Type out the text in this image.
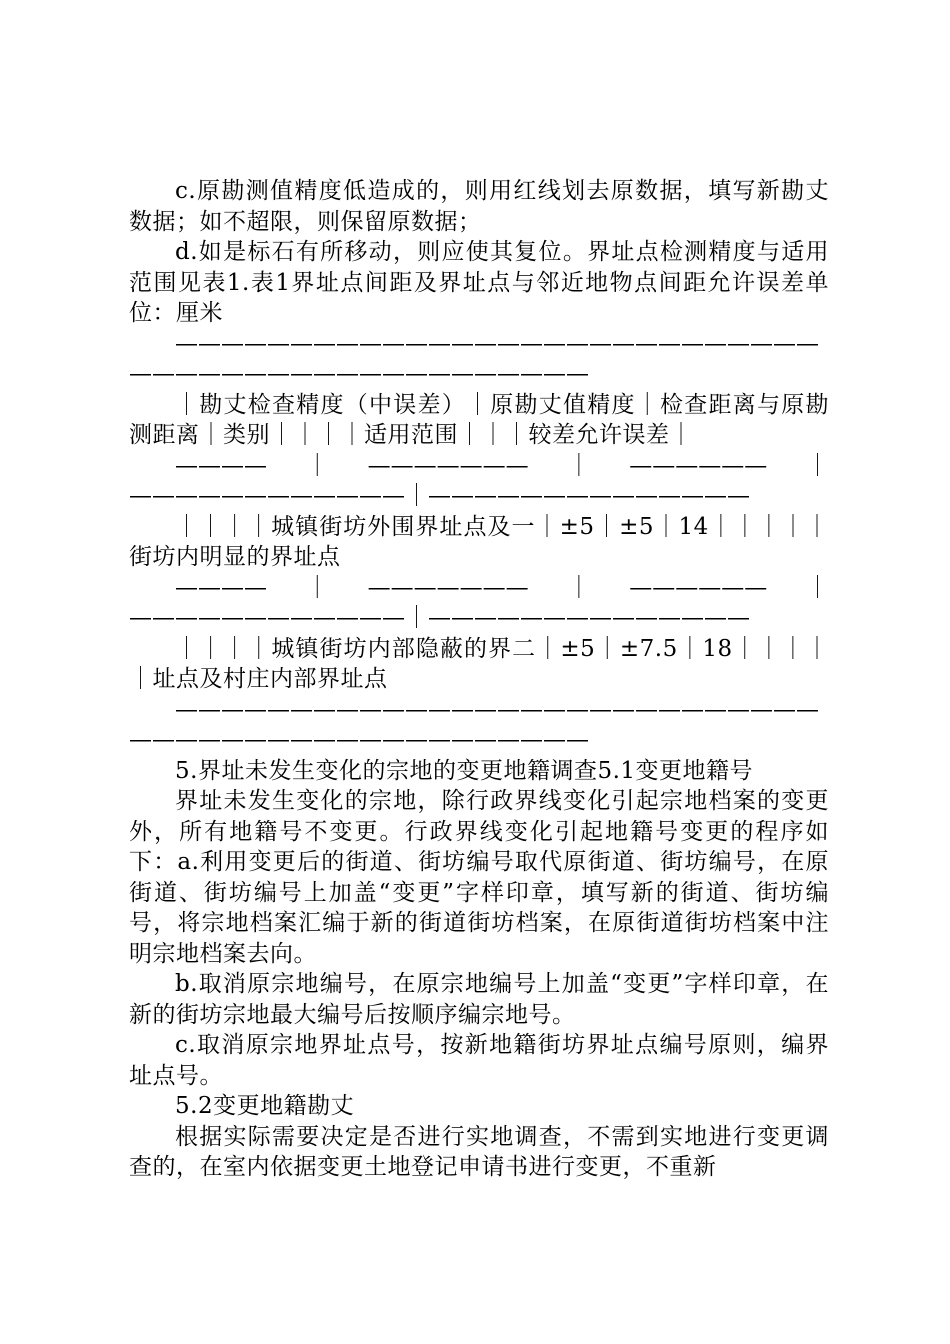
c.原勘测值精度低造成的，则用红线划去原数据，填写新勘丈数据；如不超限，则保留原数据；

d.如是标石有所移动，则应使其复位。界址点检测精度与适用范围见表1.表1界址点间距及界址点与邻近地物点间距允许误差单位：厘米

————————————————————————————————————————————————

｜勘丈检查精度（中误差）｜原勘丈值精度｜检查距离与原勘测距离｜类别｜｜｜｜适用范围｜｜｜较差允许误差｜

————｜———————｜——————｜————————————｜——————————————

｜｜｜｜城镇街坊外围界址点及一｜±5｜±5｜14｜｜｜｜｜街坊内明显的界址点

————｜———————｜——————｜————————————｜——————————————

｜｜｜｜城镇街坊内部隐蔽的界二｜±5｜±7.5｜18｜｜｜｜｜址点及村庄内部界址点

————————————————————————————————————————————————

5.界址未发生变化的宗地的变更地籍调查5.1变更地籍号

界址未发生变化的宗地，除行政界线变化引起宗地档案的变更外，所有地籍号不变更。行政界线变化引起地籍号变更的程序如下：a.利用变更后的街道、街坊编号取代原街道、街坊编号，在原街道、街坊编号上加盖“变更”字样印章，填写新的街道、街坊编号，将宗地档案汇编于新的街道街坊档案，在原街道街坊档案中注明宗地档案去向。

b.取消原宗地编号，在原宗地编号上加盖“变更”字样印章，在新的街坊宗地最大编号后按顺序编宗地号。

c.取消原宗地界址点号，按新地籍街坊界址点编号原则，编界址点号。

5.2变更地籍勘丈

根据实际需要决定是否进行实地调查，不需到实地进行变更调查的，在室内依据变更土地登记申请书进行变更，不重新
